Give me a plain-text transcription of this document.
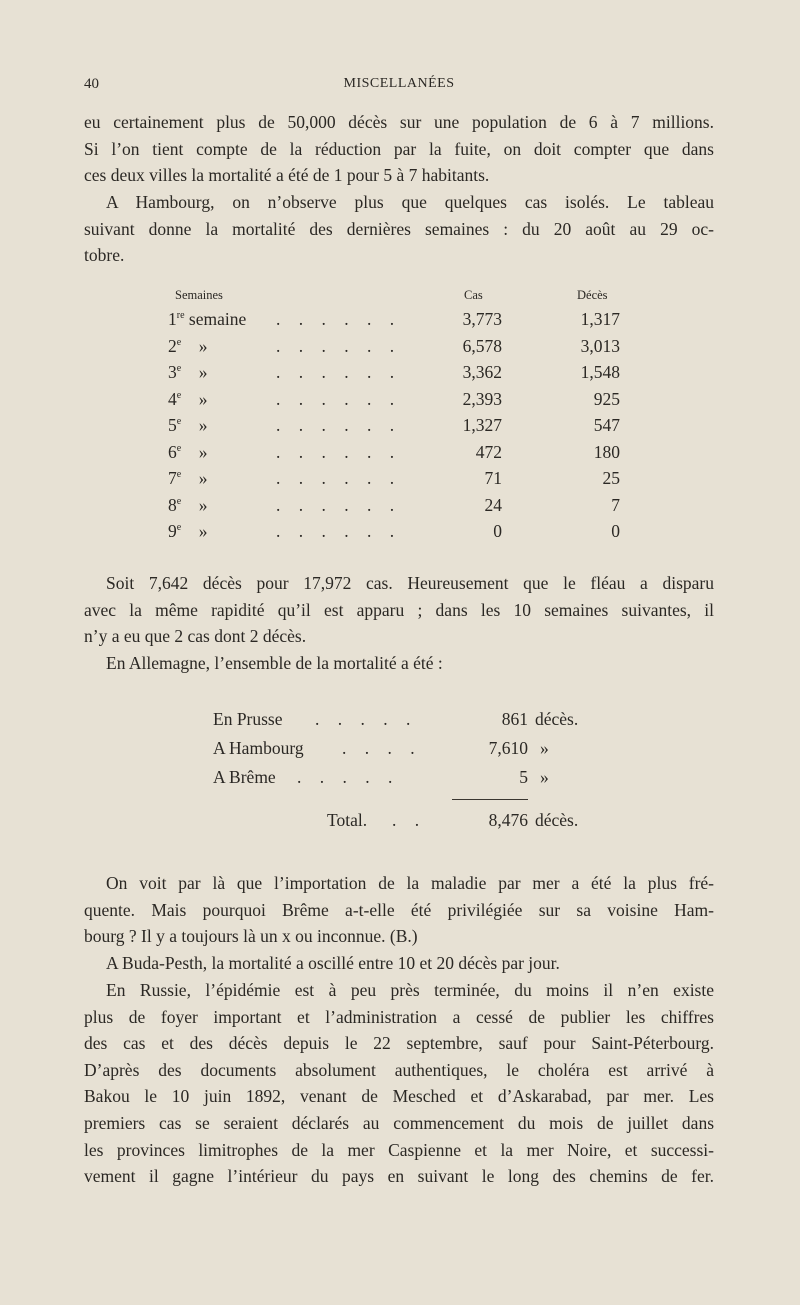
40	MISCELLANÉES

eu certainement plus de 50,000 décès sur une population de 6 à 7 millions.

Si l’on tient compte de la réduction par la fuite, on doit compter que dans

ces deux villes la mortalité a été de 1 pour 5 à 7 habitants.

A Hambourg, on n’observe plus que quelques cas isolés. Le tableau

suivant donne la mortalité des dernières semaines : du 20 août au 29 oc-

tobre.

Semaines	Cas	Décès
1re semaine . . . . . .	3,773	1,317
2e »	. . . . . .	6,578	3,013
3e »	. . . . . .	3,362	1,548
4e »	. . . . . .	2,393	925
5e »	. . . . . .	1,327	547
6e »	. . . . . .	472	180
7e »	. . . . . .	71	25
8e »	. . . . . .	24	7
9e »	. . . . . .	0	0

Soit 7,642 décès pour 17,972 cas. Heureusement que le fléau a disparu

avec la même rapidité qu’il est apparu ; dans les 10 semaines suivantes, il

n’y a eu que 2 cas dont 2 décès.

En Allemagne, l’ensemble de la mortalité a été :

En Prusse . . . . .	861 décès.
A Hambourg . . . .	7,610 »
A Brême . . . . .	5 »
Total. . .	8,476 décès.

On voit par là que l’importation de la maladie par mer a été la plus fré-

quente. Mais pourquoi Brême a-t-elle été privilégiée sur sa voisine Ham-

bourg ? Il y a toujours là un x ou inconnue. (B.)

A Buda-Pesth, la mortalité a oscillé entre 10 et 20 décès par jour.

En Russie, l’épidémie est à peu près terminée, du moins il n’en existe

plus de foyer important et l’administration a cessé de publier les chiffres

des cas et des décès depuis le 22 septembre, sauf pour Saint-Péterbourg.

D’après des documents absolument authentiques, le choléra est arrivé à

Bakou le 10 juin 1892, venant de Mesched et d’Askarabad, par mer. Les

premiers cas se seraient déclarés au commencement du mois de juillet dans

les provinces limitrophes de la mer Caspienne et la mer Noire, et successi-

vement il gagne l’intérieur du pays en suivant le long des chemins de fer.
